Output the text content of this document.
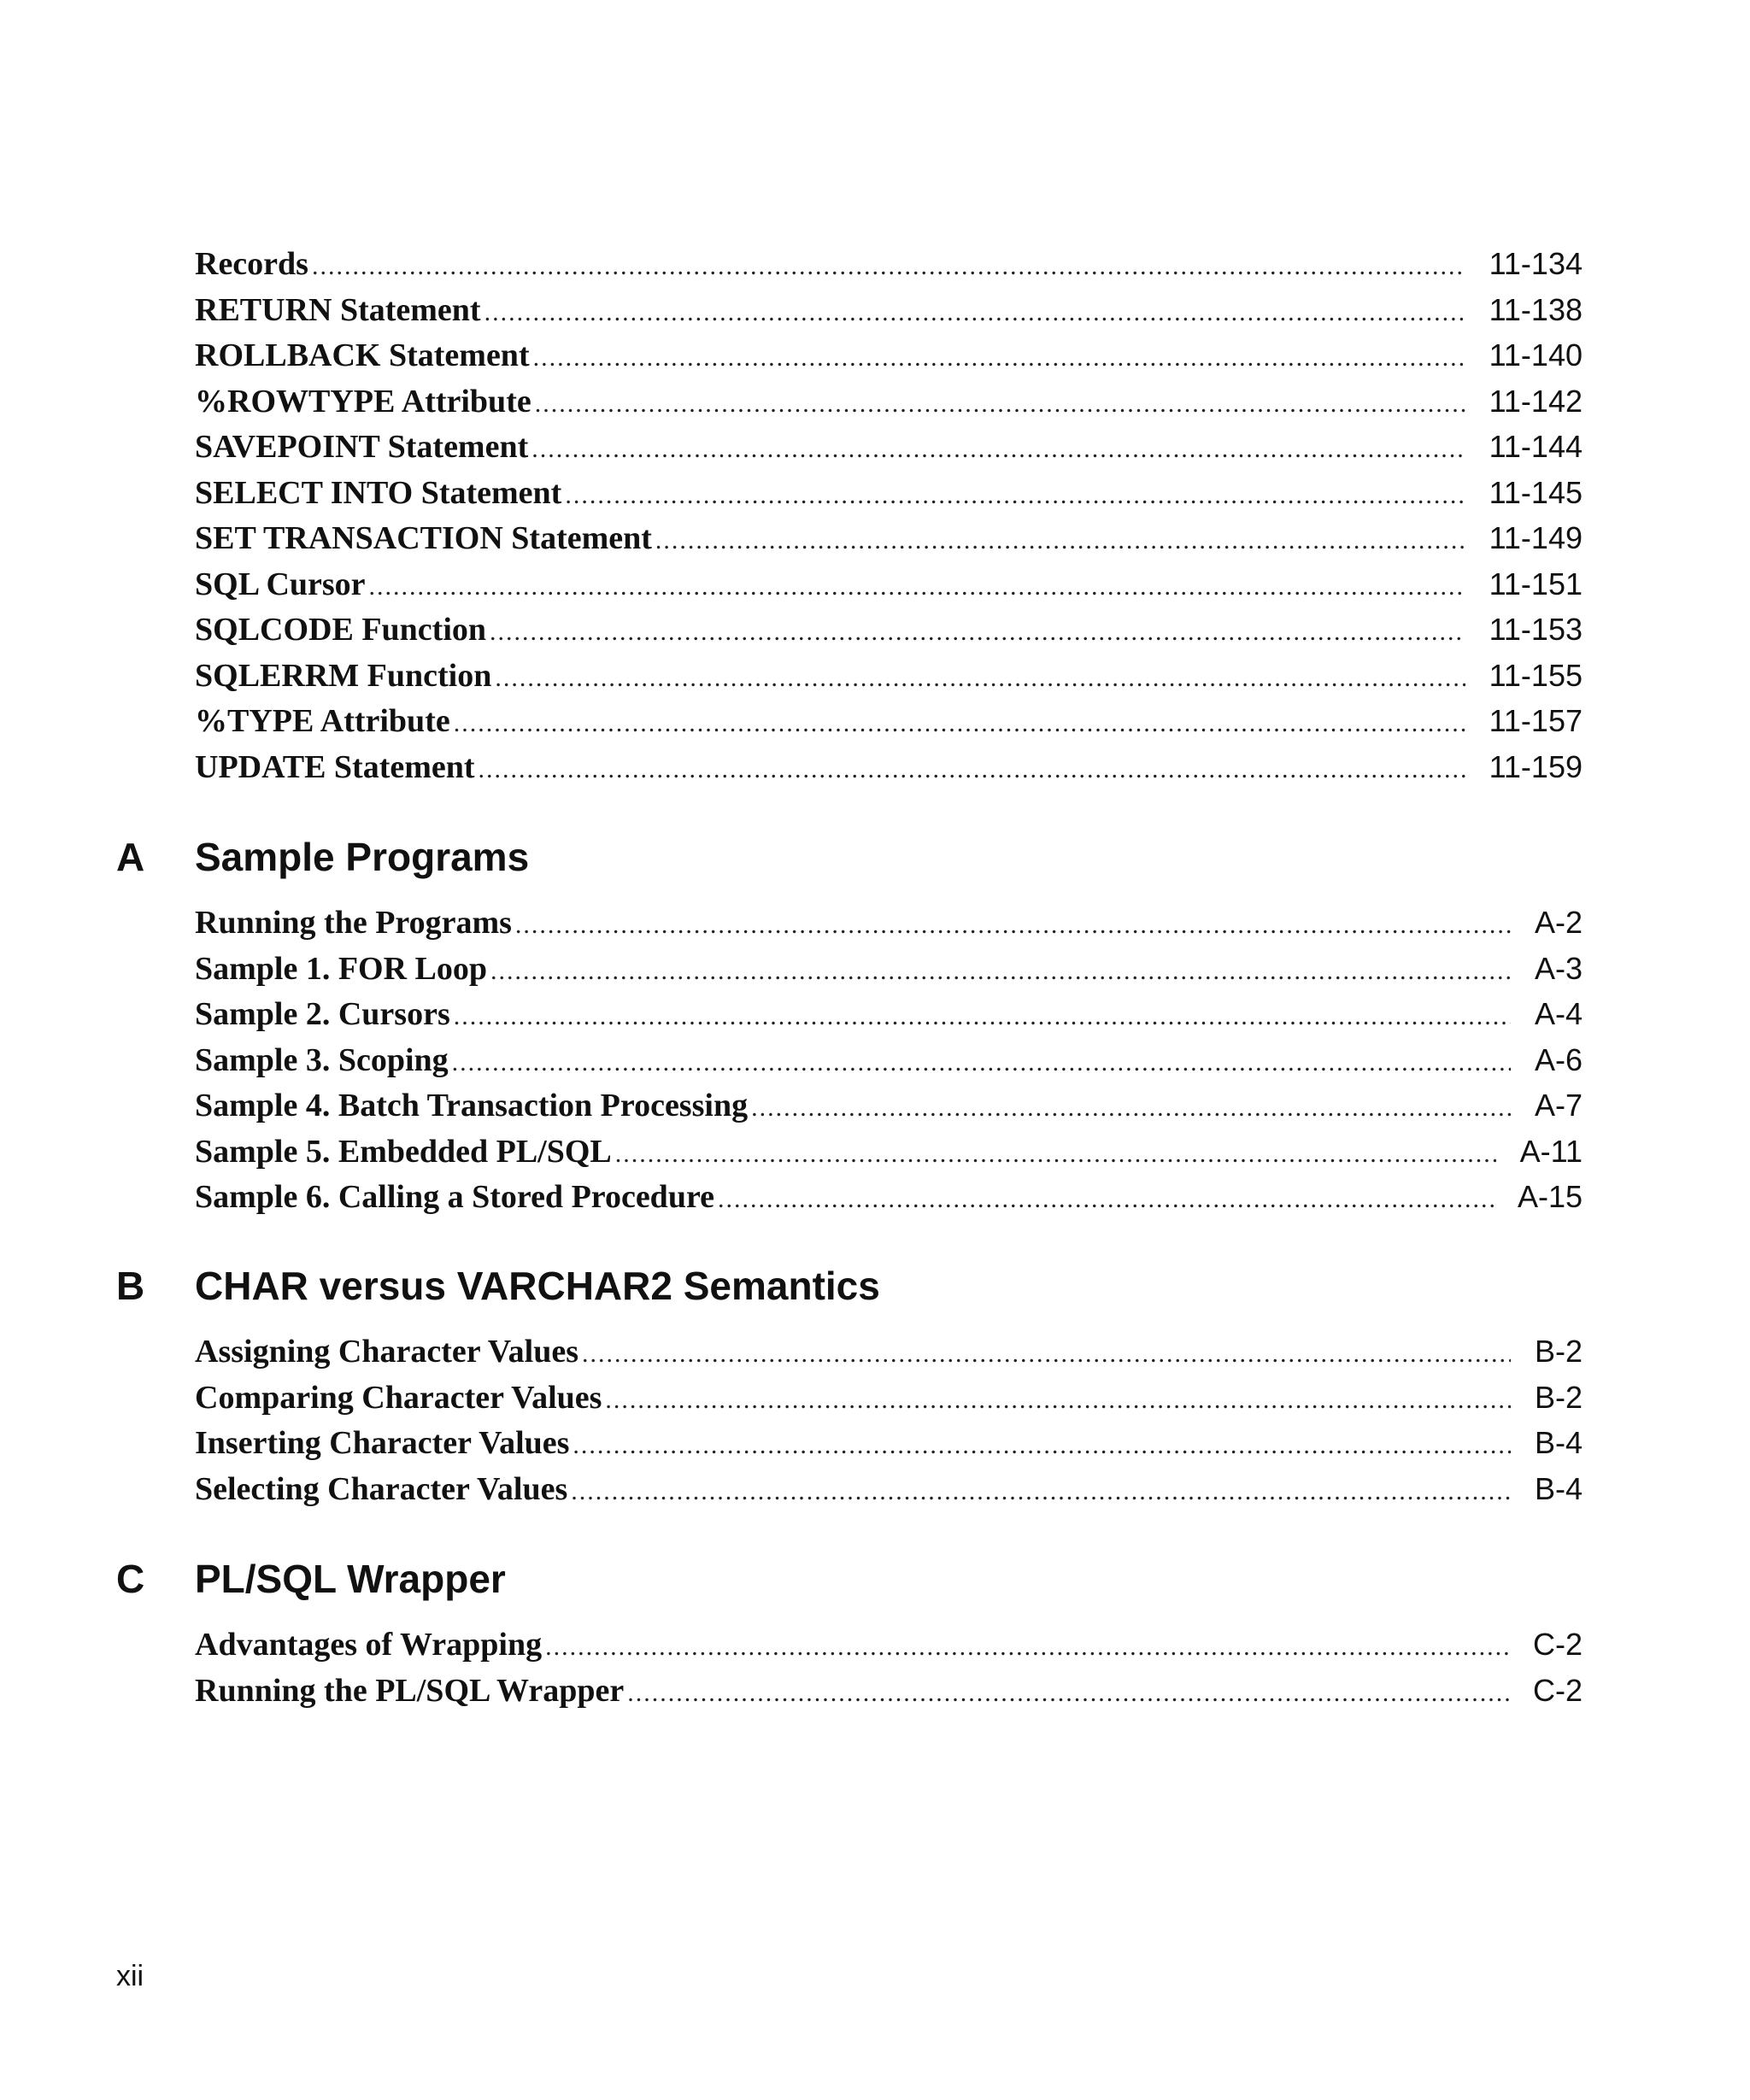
Records .....	11-134
RETURN Statement .....	11-138
ROLLBACK Statement .....	11-140
%ROWTYPE Attribute .....	11-142
SAVEPOINT Statement .....	11-144
SELECT INTO Statement .....	11-145
SET TRANSACTION Statement .....	11-149
SQL Cursor .....	11-151
SQLCODE Function .....	11-153
SQLERRM Function .....	11-155
%TYPE Attribute .....	11-157
UPDATE Statement .....	11-159
A	Sample Programs
Running the Programs .....	A-2
Sample 1. FOR Loop .....	A-3
Sample 2. Cursors .....	A-4
Sample 3. Scoping .....	A-6
Sample 4. Batch Transaction Processing .....	A-7
Sample 5. Embedded PL/SQL .....	A-11
Sample 6. Calling a Stored Procedure .....	A-15
B	CHAR versus VARCHAR2 Semantics
Assigning Character Values .....	B-2
Comparing Character Values .....	B-2
Inserting Character Values .....	B-4
Selecting Character Values .....	B-4
C	PL/SQL Wrapper
Advantages of Wrapping .....	C-2
Running the PL/SQL Wrapper .....	C-2
xii
